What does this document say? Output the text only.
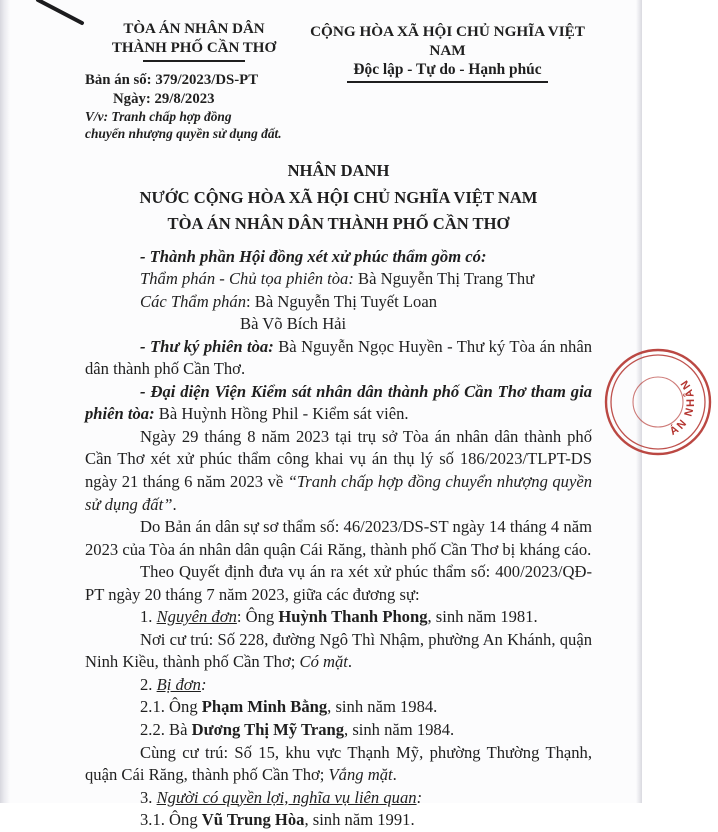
TÒA ÁN NHÂN DÂN
THÀNH PHỐ CẦN THƠ
Bản án số: 379/2023/DS-PT
Ngày: 29/8/2023
V/v: Tranh chấp hợp đồng
chuyển nhượng quyền sử dụng đất.
CỘNG HÒA XÃ HỘI CHỦ NGHĨA VIỆT NAM
Độc lập - Tự do - Hạnh phúc
NHÂN DANH
NƯỚC CỘNG HÒA XÃ HỘI CHỦ NGHĨA VIỆT NAM
TÒA ÁN NHÂN DÂN THÀNH PHỐ CẦN THƠ

- Thành phần Hội đồng xét xử phúc thẩm gồm có:

Thẩm phán - Chủ tọa phiên tòa: Bà Nguyễn Thị Trang Thư

Các Thẩm phán: Bà Nguyễn Thị Tuyết Loan

Bà Võ Bích Hải

- Thư ký phiên tòa: Bà Nguyễn Ngọc Huyền - Thư ký Tòa án nhân dân thành phố Cần Thơ.

- Đại diện Viện Kiểm sát nhân dân thành phố Cần Thơ tham gia phiên tòa: Bà Huỳnh Hồng Phil - Kiểm sát viên.

Ngày 29 tháng 8 năm 2023 tại trụ sở Tòa án nhân dân thành phố Cần Thơ xét xử phúc thẩm công khai vụ án thụ lý số 186/2023/TLPT-DS ngày 21 tháng 6 năm 2023 về “Tranh chấp hợp đồng chuyển nhượng quyền sử dụng đất”.

Do Bản án dân sự sơ thẩm số: 46/2023/DS-ST ngày 14 tháng 4 năm 2023 của Tòa án nhân dân quận Cái Răng, thành phố Cần Thơ bị kháng cáo.

Theo Quyết định đưa vụ án ra xét xử phúc thẩm số: 400/2023/QĐ-PT ngày 20 tháng 7 năm 2023, giữa các đương sự:

1. Nguyên đơn: Ông Huỳnh Thanh Phong, sinh năm 1981.

Nơi cư trú: Số 228, đường Ngô Thì Nhậm, phường An Khánh, quận Ninh Kiều, thành phố Cần Thơ; Có mặt.

2. Bị đơn:

2.1. Ông Phạm Minh Bằng, sinh năm 1984.

2.2. Bà Dương Thị Mỹ Trang, sinh năm 1984.

Cùng cư trú: Số 15, khu vực Thạnh Mỹ, phường Thường Thạnh, quận Cái Răng, thành phố Cần Thơ; Vắng mặt.

3. Người có quyền lợi, nghĩa vụ liên quan:

3.1. Ông Vũ Trung Hòa, sinh năm 1991.

ÁN NHÂN
